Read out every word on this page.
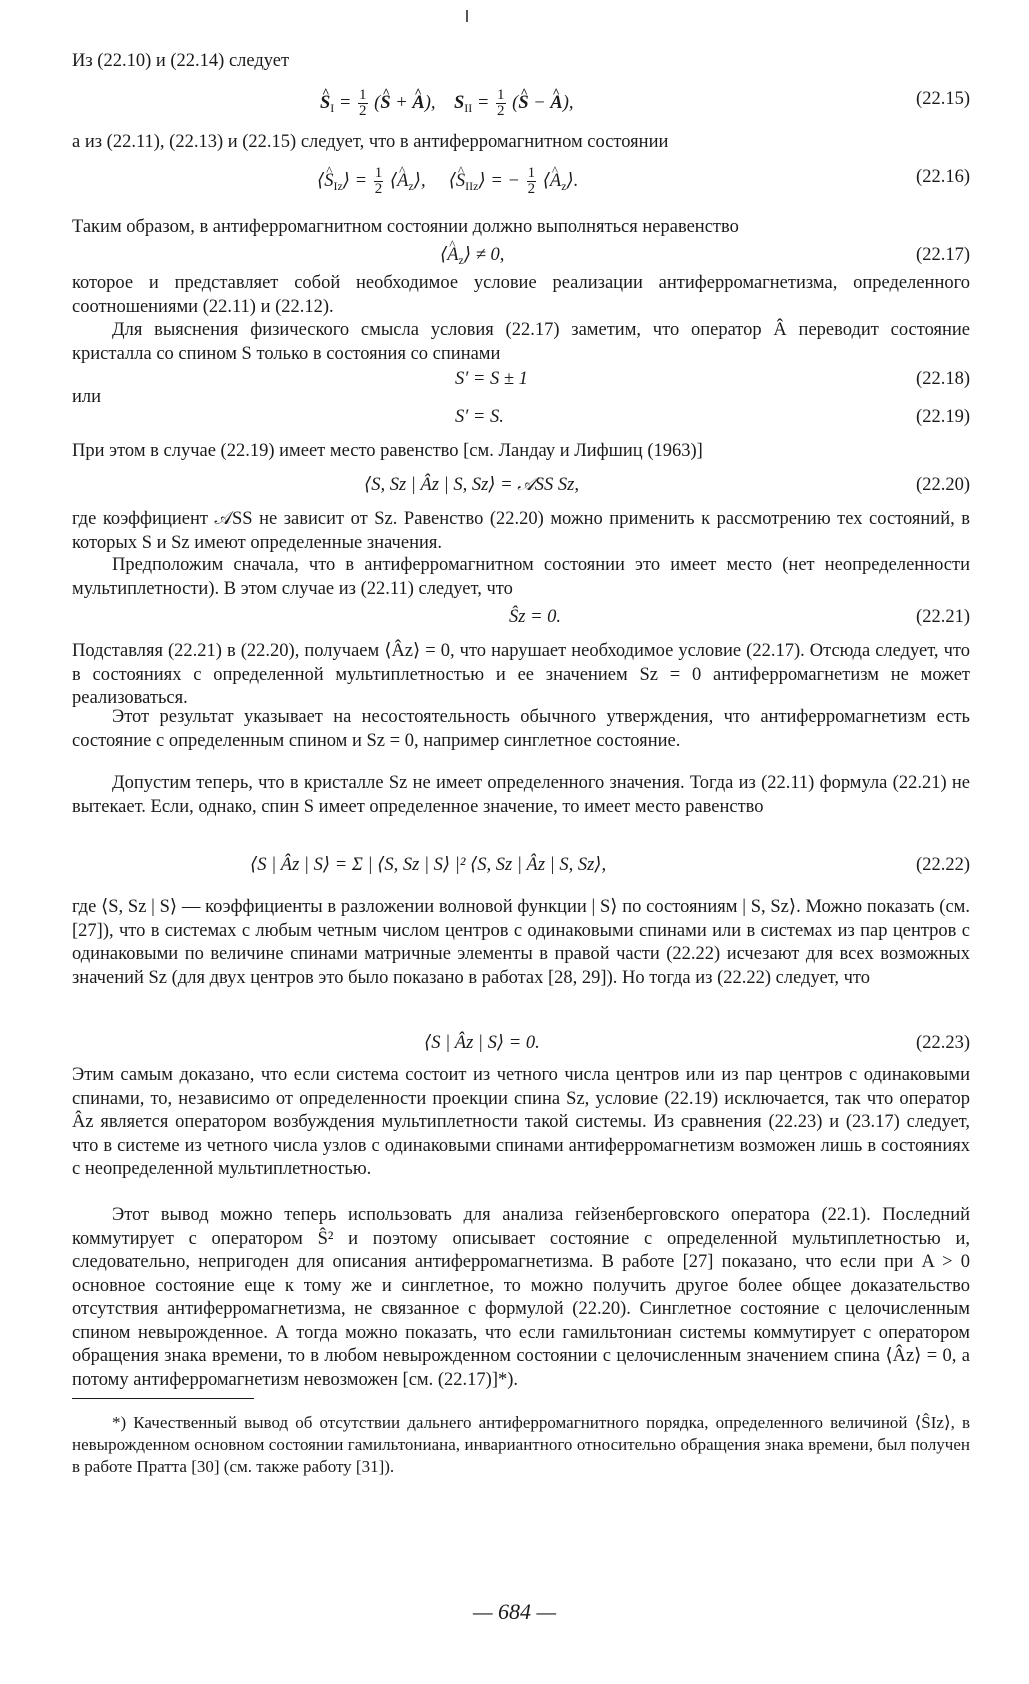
Из (22.10) и (22.14) следует
^ $S_I = \frac{1}{2}$ (^ S + ^ A),    $S_{II} = \frac{1}{2}$ (^ S − ^ A),	(22.15)
а из (22.11), (22.13) и (22.15) следует, что в антиферромагнитном состоянии
⟨^ $S_{Iz}⟩ = \frac{1}{2}$ ⟨^ $A_z⟩$,     ⟨^ $S_{IIz}⟩$ = − $\frac{1}{2}$ ⟨^ $A_z⟩$.	(22.16)
Таким образом, в антиферромагнитном состоянии должно выполняться неравенство
⟨^ $A_z⟩ \ne 0$,	(22.17)

которое и представляет собой необходимое условие реализации антиферромагнетизма, определенного соотношениями (22.11) и (22.12).

Для выяснения физического смысла условия (22.17) заметим, что оператор Â переводит состояние кристалла со спином S только в состояния со спинами

S′ = S ± 1	(22.18)
или
S′ = S.	(22.19)
При этом в случае (22.19) имеет место равенство [см. Ландау и Лифшиц (1963)]
⟨S, Sz | Âz | S, Sz⟩ = 𝒜SS Sz,	(22.20)

где коэффициент 𝒜SS не зависит от Sz. Равенство (22.20) можно применить к рассмотрению тех состояний, в которых S и Sz имеют определенные значения.

Предположим сначала, что в антиферромагнитном состоянии это имеет место (нет неопределенности мультиплетности). В этом случае из (22.11) следует, что

Ŝz = 0.	(22.21)

Подставляя (22.21) в (22.20), получаем ⟨Âz⟩ = 0, что нарушает необходимое условие (22.17). Отсюда следует, что в состояниях с определенной мультиплетностью и ее значением Sz = 0 антиферромагнетизм не может реализоваться.

Этот результат указывает на несостоятельность обычного утверждения, что антиферромагнетизм есть состояние с определенным спином и Sz = 0, например синглетное состояние.

Допустим теперь, что в кристалле Sz не имеет определенного значения. Тогда из (22.11) формула (22.21) не вытекает. Если, однако, спин S имеет определенное значение, то имеет место равенство

⟨S | Âz | S⟩ = Σ | ⟨S, Sz | S⟩ |² ⟨S, Sz | Âz | S, Sz⟩,	(22.22)

где ⟨S, Sz | S⟩ — коэффициенты в разложении волновой функции | S⟩ по состояниям | S, Sz⟩. Можно показать (см. [27]), что в системах с любым четным числом центров с одинаковыми спинами или в системах из пар центров с одинаковыми по величине спинами матричные элементы в правой части (22.22) исчезают для всех возможных значений Sz (для двух центров это было показано в работах [28, 29]). Но тогда из (22.22) следует, что

⟨S | Âz | S⟩ = 0.	(22.23)

Этим самым доказано, что если система состоит из четного числа центров или из пар центров с одинаковыми спинами, то, независимо от определенности проекции спина Sz, условие (22.19) исключается, так что оператор Âz является оператором возбуждения мультиплетности такой системы. Из сравнения (22.23) и (23.17) следует, что в системе из четного числа узлов с одинаковыми спинами антиферромагнетизм возможен лишь в состояниях с неопределенной мультиплетностью.

Этот вывод можно теперь использовать для анализа гейзенберговского оператора (22.1). Последний коммутирует с оператором Ŝ² и поэтому описывает состояние с определенной мультиплетностью и, следовательно, непригоден для описания антиферромагнетизма. В работе [27] показано, что если при A > 0 основное состояние еще к тому же и синглетное, то можно получить другое более общее доказательство отсутствия антиферромагнетизма, не связанное с формулой (22.20). Синглетное состояние с целочисленным спином невырожденное. А тогда можно показать, что если гамильтониан системы коммутирует с оператором обращения знака времени, то в любом невырожденном состоянии с целочисленным значением спина ⟨Âz⟩ = 0, а потому антиферромагнетизм невозможен [см. (22.17)]*).

*) Качественный вывод об отсутствии дальнего антиферромагнитного порядка, определенного величиной ⟨ŜIz⟩, в невырожденном основном состоянии гамильтониана, инвариантного относительно обращения знака времени, был получен в работе Пратта [30] (см. также работу [31]).

— 684 —
